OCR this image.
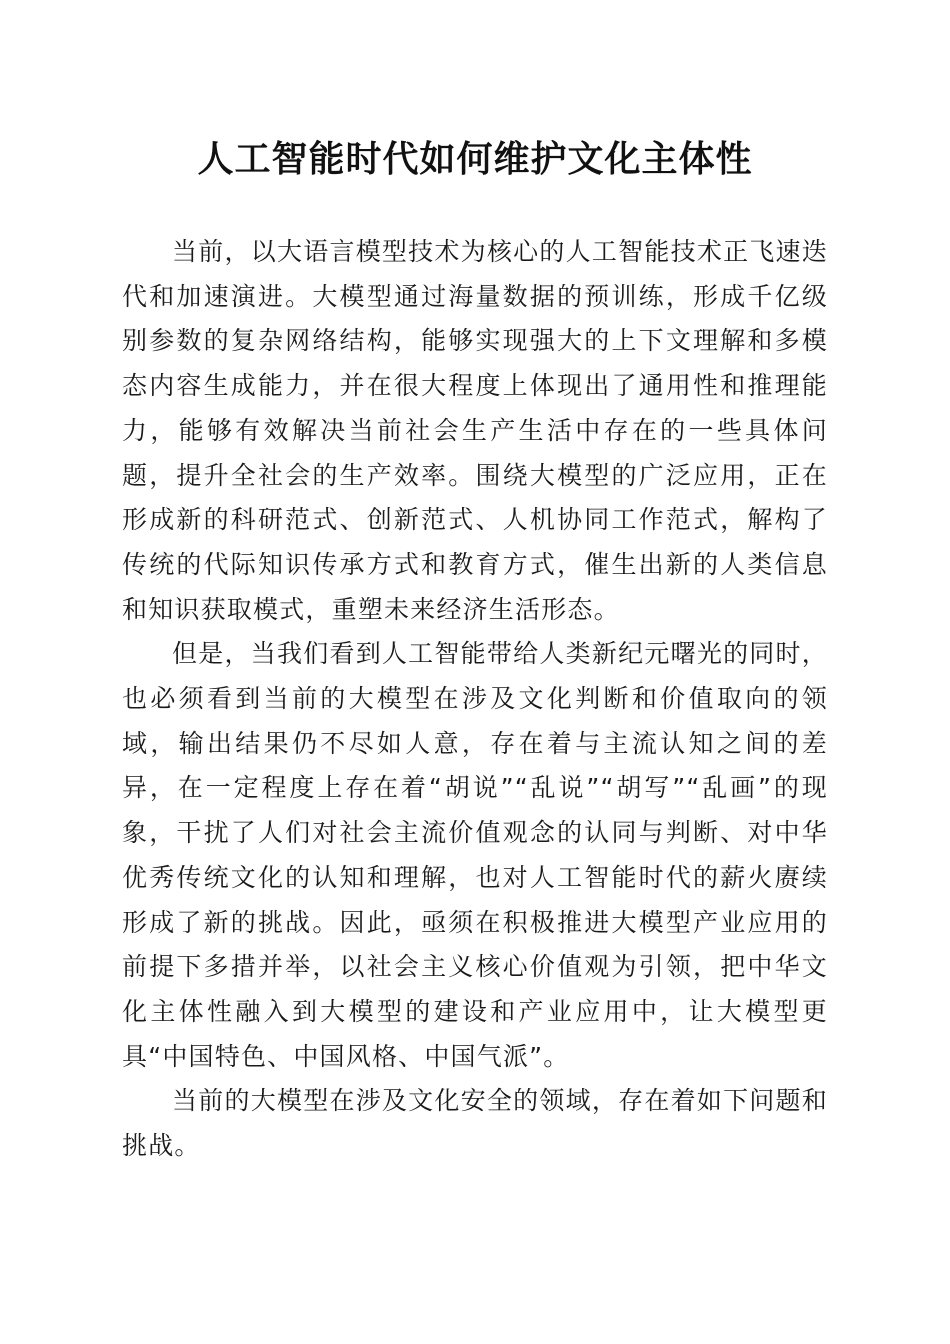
人工智能时代如何维护文化主体性

当前，以大语言模型技术为核心的人工智能技术正飞速迭代和加速演进。大模型通过海量数据的预训练，形成千亿级别参数的复杂网络结构，能够实现强大的上下文理解和多模态内容生成能力，并在很大程度上体现出了通用性和推理能力，能够有效解决当前社会生产生活中存在的一些具体问题，提升全社会的生产效率。围绕大模型的广泛应用，正在形成新的科研范式、创新范式、人机协同工作范式，解构了传统的代际知识传承方式和教育方式，催生出新的人类信息和知识获取模式，重塑未来经济生活形态。

但是，当我们看到人工智能带给人类新纪元曙光的同时，也必须看到当前的大模型在涉及文化判断和价值取向的领域，输出结果仍不尽如人意，存在着与主流认知之间的差异，在一定程度上存在着“胡说”“乱说”“胡写”“乱画”的现象，干扰了人们对社会主流价值观念的认同与判断、对中华优秀传统文化的认知和理解，也对人工智能时代的薪火赓续形成了新的挑战。因此，亟须在积极推进大模型产业应用的前提下多措并举，以社会主义核心价值观为引领，把中华文化主体性融入到大模型的建设和产业应用中，让大模型更具“中国特色、中国风格、中国气派”。

当前的大模型在涉及文化安全的领域，存在着如下问题和挑战。
